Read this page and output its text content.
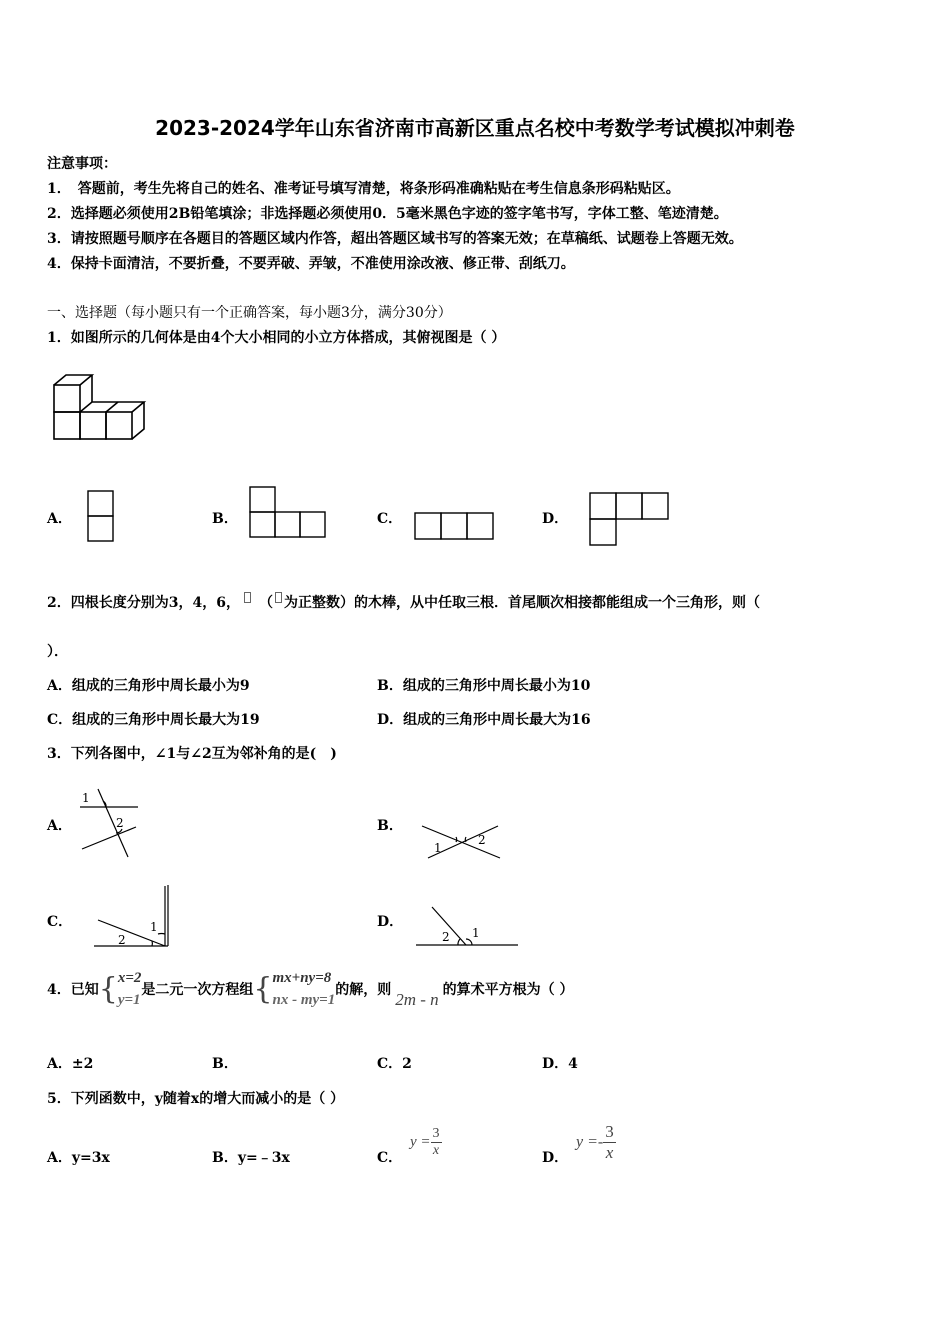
2023-2024学年山东省济南市高新区重点名校中考数学考试模拟冲刺卷
注意事项：
1．　答题前，考生先将自己的姓名、准考证号填写清楚，将条形码准确粘贴在考生信息条形码粘贴区。
2．选择题必须使用2B铅笔填涂；非选择题必须使用0．5毫米黑色字迹的签字笔书写，字体工整、笔迹清楚。
3．请按照题号顺序在各题目的答题区域内作答，超出答题区域书写的答案无效；在草稿纸、试题卷上答题无效。
4．保持卡面清洁，不要折叠，不要弄破、弄皱，不准使用涂改液、修正带、刮纸刀。
一、选择题（每小题只有一个正确答案，每小题3分，满分30分）
1．如图所示的几何体是由4个大小相同的小立方体搭成，其俯视图是（ ）
A．	B．	C．	D．
2．四根长度分别为3，4，6， （ 为正整数）的木棒，从中任取三根．首尾顺次相接都能组成一个三角形，则（
）．
A．组成的三角形中周长最小为9	B．组成的三角形中周长最小为10
C．组成的三角形中周长最大为19	D．组成的三角形中周长最大为16
3．下列各图中，∠1与∠2互为邻补角的是(　)
A．
1
2	B．
1
2
C．	1
2
D．
2 1
4．已知{ x=2
y=1
是二元一次方程组{ mx+ny=8
nx - my=1
的解，则 2m - n 的算术平方根为（ ）
A．±2	B．	C．2	D．4
5．下列函数中，y随着x的增大而减小的是（ ）
A．y=3x	B．y=﹣3x	C．
$y = \frac{3}{x}$	D．
$y =- \frac{3}{x}$
